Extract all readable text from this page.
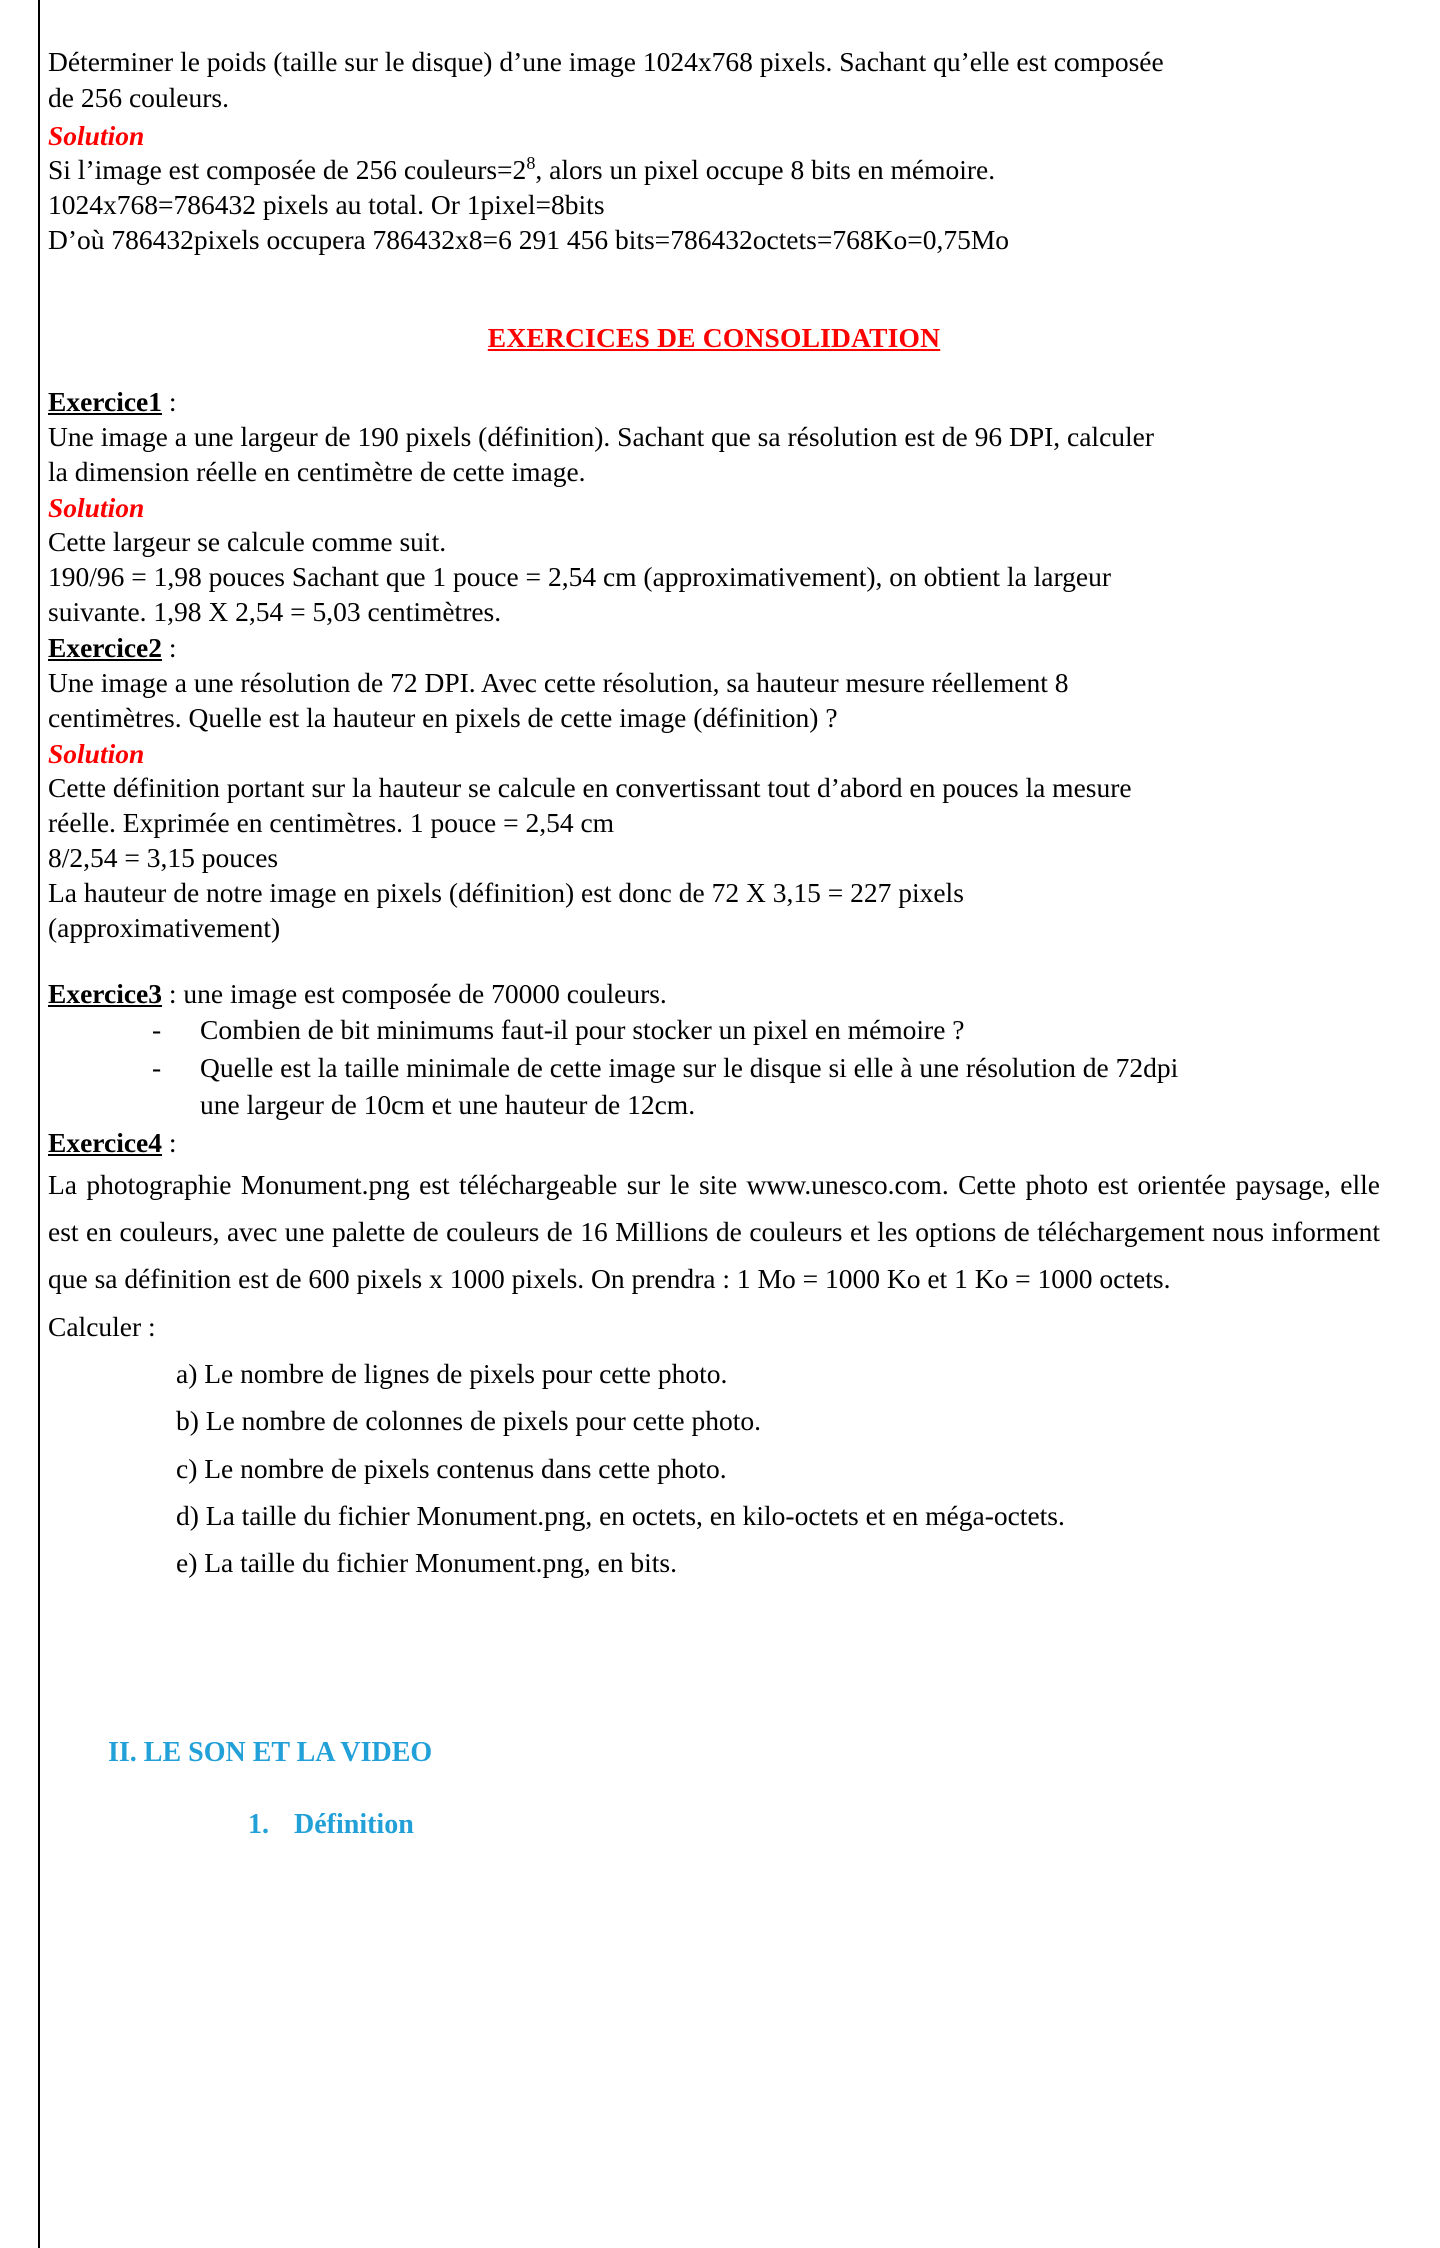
Déterminer le poids (taille sur le disque) d’une image 1024x768 pixels. Sachant qu’elle est composée
de 256 couleurs.
Solution
Si l’image est composée de 256 $couleurs=2^8$, alors un pixel occupe 8 bits en mémoire.
1024x768=786432 pixels au total. Or 1pixel=8bits
D’où 786432pixels occupera 786432x8=6 291 456 bits=786432octets=768Ko=0,75Mo
EXERCICES DE CONSOLIDATION
Exercice1 :
Une image a une largeur de 190 pixels (définition). Sachant que sa résolution est de 96 DPI, calculer
la dimension réelle en centimètre de cette image.
Solution
Cette largeur se calcule comme suit.
190/96 = 1,98 pouces Sachant que 1 pouce = 2,54 cm (approximativement), on obtient la largeur
suivante. 1,98 X 2,54 = 5,03 centimètres.
Exercice2 :
Une image a une résolution de 72 DPI. Avec cette résolution, sa hauteur mesure réellement 8
centimètres. Quelle est la hauteur en pixels de cette image (définition) ?
Solution
Cette définition portant sur la hauteur se calcule en convertissant tout d’abord en pouces la mesure
réelle. Exprimée en centimètres. 1 pouce = 2,54 cm
8/2,54 = 3,15 pouces
La hauteur de notre image en pixels (définition) est donc de 72 X 3,15 = 227 pixels
(approximativement)
Exercice3 : une image est composée de 70000 couleurs.
- Combien de bit minimums faut-il pour stocker un pixel en mémoire ?
- Quelle est la taille minimale de cette image sur le disque si elle à une résolution de 72dpi
une largeur de 10cm et une hauteur de 12cm.
Exercice4 :
La photographie Monument.png est téléchargeable sur le site www.unesco.com. Cette photo est orientée paysage, elle est en couleurs, avec une palette de couleurs de 16 Millions de couleurs et les options de téléchargement nous informent que sa définition est de 600 pixels x 1000 pixels. On prendra : 1 Mo = 1000 Ko et 1 Ko = 1000 octets.
Calculer :
a) Le nombre de lignes de pixels pour cette photo.
b) Le nombre de colonnes de pixels pour cette photo.
c) Le nombre de pixels contenus dans cette photo.
d) La taille du fichier Monument.png, en octets, en kilo-octets et en méga-octets.
e) La taille du fichier Monument.png, en bits.
II. LE SON ET LA VIDEO
1. Définition
